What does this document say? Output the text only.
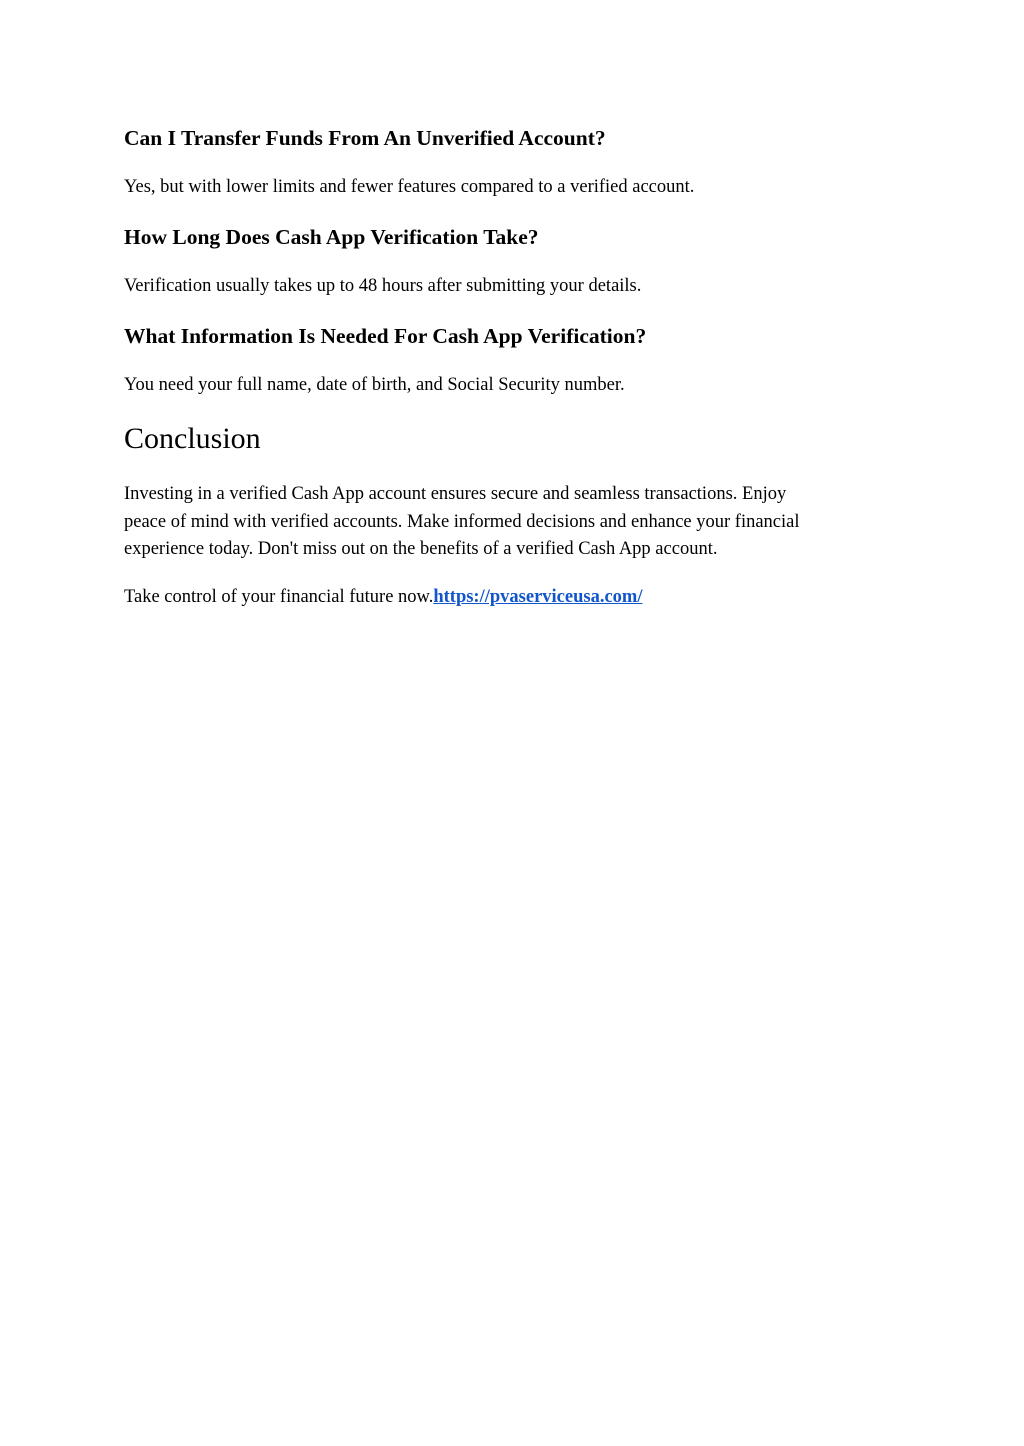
Can I Transfer Funds From An Unverified Account?

Yes, but with lower limits and fewer features compared to a verified account.

How Long Does Cash App Verification Take?

Verification usually takes up to 48 hours after submitting your details.

What Information Is Needed For Cash App Verification?

You need your full name, date of birth, and Social Security number.

Conclusion

Investing in a verified Cash App account ensures secure and seamless transactions. Enjoy

peace of mind with verified accounts. Make informed decisions and enhance your financial

experience today. Don't miss out on the benefits of a verified Cash App account.

Take control of your financial future now.https://pvaserviceusa.com/
